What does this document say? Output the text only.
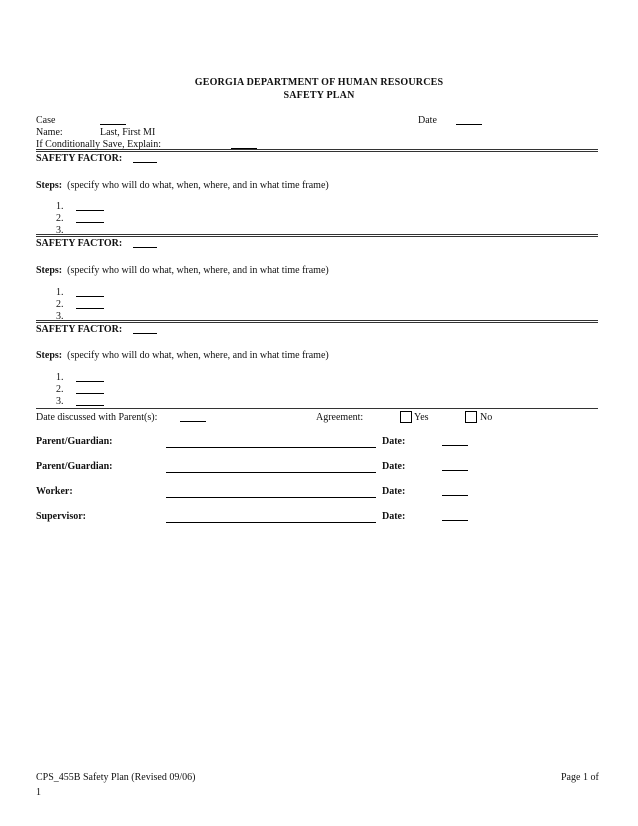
GEORGIA DEPARTMENT OF HUMAN RESOURCES
SAFETY PLAN
Case	Date
Name:	Last, First MI
If Conditionally Save, Explain:
SAFETY FACTOR:
Steps: (specify who will do what, when, where, and in what time frame)
1.
2.
3.
SAFETY FACTOR:
Steps: (specify who will do what, when, where, and in what time frame)
1.
2.
3.
SAFETY FACTOR:
Steps: (specify who will do what, when, where, and in what time frame)
1.
2.
3.
Date discussed with Parent(s):	Agreement:	Yes	No
Parent/Guardian:	Date:
Parent/Guardian:	Date:
Worker:	Date:
Supervisor:	Date:
CPS_455B Safety Plan (Revised 09/06)	Page 1 of
1
